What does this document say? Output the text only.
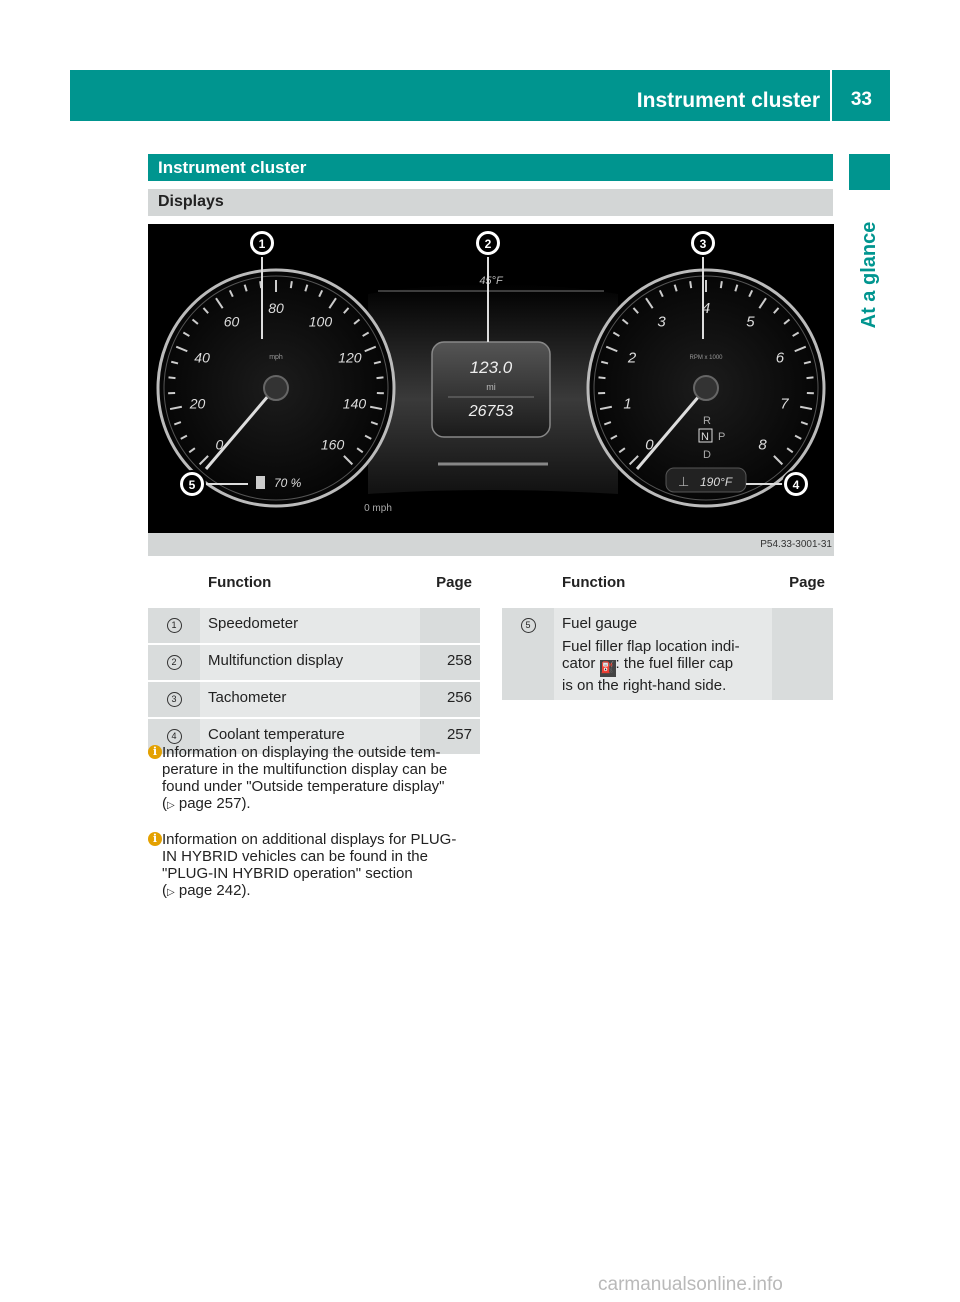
Instrument cluster 33
At a glance
Instrument cluster
Displays
0
20
40
60
80
100
120
140
160
mph
70 %
0
1
2
3
4
5
6
7
8
RPM x 1000
R
N P
D
⊥ 190°F
45°F
123.0
mi
26753
0 mph
1	2	3
4
5
P54.33-3001-31
	Function	Page
1	Speedometer	
2	Multifunction display	258
3	Tachometer	256
4	Coolant temperature	257
	Function	Page
5	Fuel gauge
Fuel filler flap location indi-
cator ⛽: the fuel filler cap
is on the right-hand side.	

i Information on displaying the outside tem-
perature in the multifunction display can be
found under "Outside temperature display"
(▷ page 257).
i Information on additional displays for PLUG-
IN HYBRID vehicles can be found in the
"PLUG-IN HYBRID operation" section
(▷ page 242).
carmanualsonline.info
